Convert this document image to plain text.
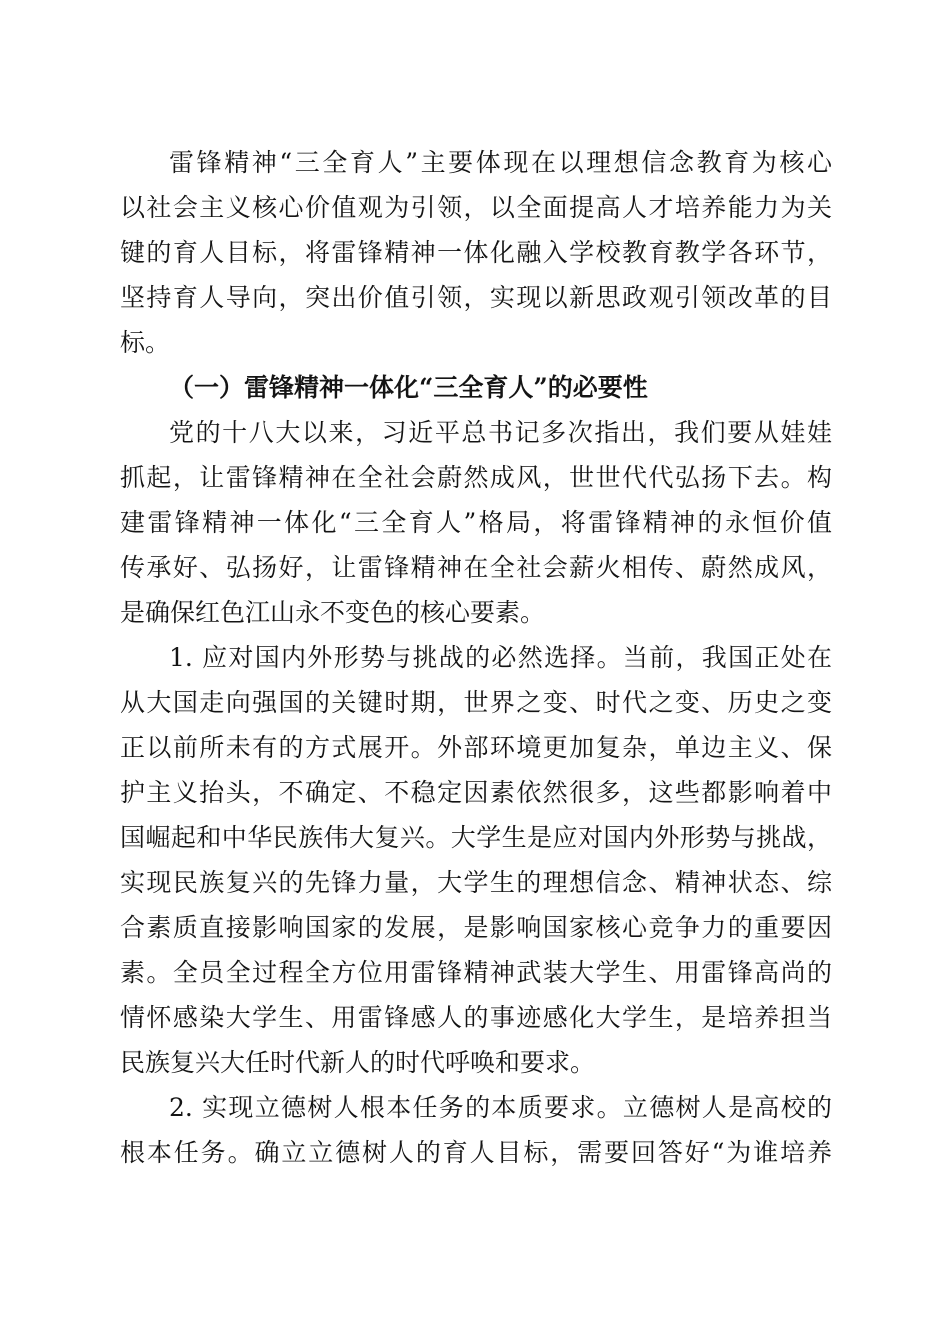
雷锋精神“三全育人”主要体现在以理想信念教育为核心
以社会主义核心价值观为引领，以全面提高人才培养能力为关
键的育人目标，将雷锋精神一体化融入学校教育教学各环节，
坚持育人导向，突出价值引领，实现以新思政观引领改革的目
标。
（一）雷锋精神一体化“三全育人”的必要性
党的十八大以来，习近平总书记多次指出，我们要从娃娃
抓起，让雷锋精神在全社会蔚然成风，世世代代弘扬下去。构
建雷锋精神一体化“三全育人”格局，将雷锋精神的永恒价值
传承好、弘扬好，让雷锋精神在全社会薪火相传、蔚然成风，
是确保红色江山永不变色的核心要素。
1. 应对国内外形势与挑战的必然选择。当前，我国正处在
从大国走向强国的关键时期，世界之变、时代之变、历史之变
正以前所未有的方式展开。外部环境更加复杂，单边主义、保
护主义抬头，不确定、不稳定因素依然很多，这些都影响着中
国崛起和中华民族伟大复兴。大学生是应对国内外形势与挑战，
实现民族复兴的先锋力量，大学生的理想信念、精神状态、综
合素质直接影响国家的发展，是影响国家核心竞争力的重要因
素。全员全过程全方位用雷锋精神武装大学生、用雷锋高尚的
情怀感染大学生、用雷锋感人的事迹感化大学生，是培养担当
民族复兴大任时代新人的时代呼唤和要求。
2. 实现立德树人根本任务的本质要求。立德树人是高校的
根本任务。确立立德树人的育人目标，需要回答好“为谁培养
